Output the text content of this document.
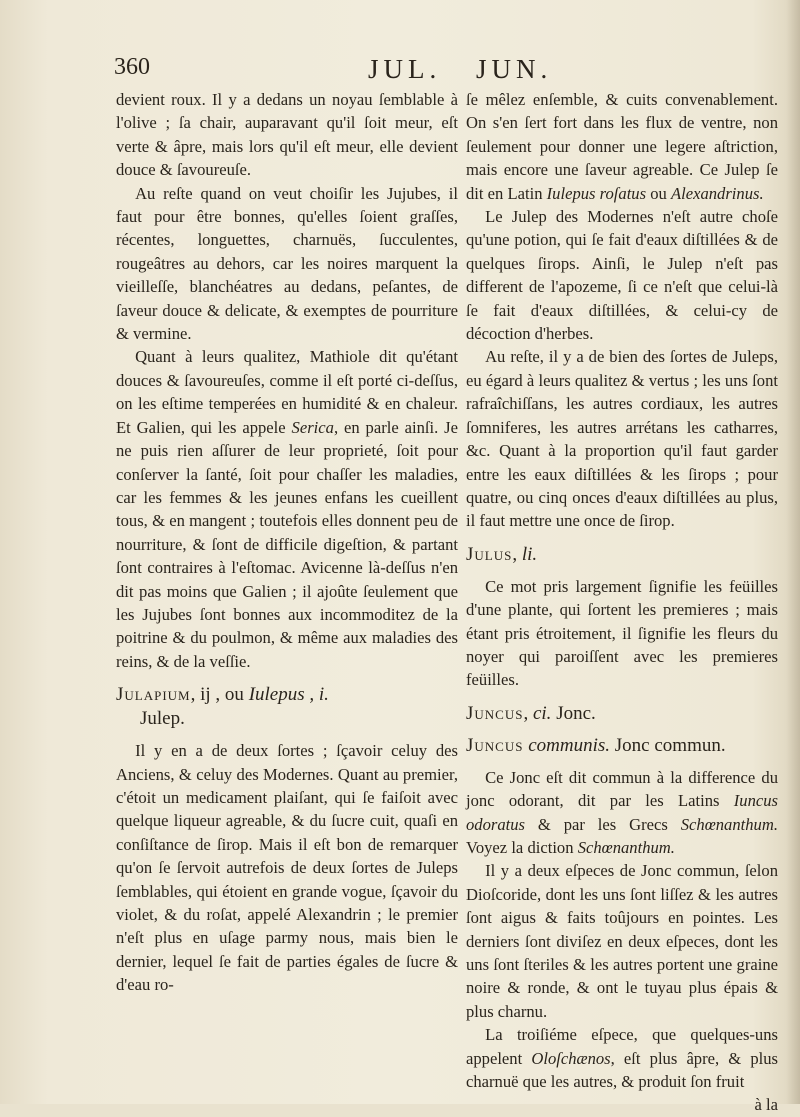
360	JUL. JUN.

devient roux. Il y a dedans un noyau ſemblable à l'olive ; ſa chair, auparavant qu'il ſoit meur, eſt verte & âpre, mais lors qu'il eſt meur, elle devient douce & ſavoureuſe.

Au reſte quand on veut choiſir les Jujubes, il faut pour être bonnes, qu'elles ſoient graſſes, récentes, longuettes, charnuës, ſucculentes, rougeâtres au dehors, car les noires marquent la vieilleſſe, blanchéatres au dedans, peſantes, de ſaveur douce & delicate, & exemptes de pourriture & vermine.

Quant à leurs qualitez, Mathiole dit qu'étant douces & ſavoureuſes, comme il eſt porté ci-deſſus, on les eſtime temperées en humidité & en chaleur. Et Galien, qui les appele Serica, en parle ainſi. Je ne puis rien aſſurer de leur proprieté, ſoit pour conſerver la ſanté, ſoit pour chaſſer les maladies, car les femmes & les jeunes enfans les cueillent tous, & en mangent ; toutefois elles donnent peu de nourriture, & ſont de difficile digeſtion, & partant ſont contraires à l'eſtomac. Avicenne là-deſſus n'en dit pas moins que Galien ; il ajoûte ſeulement que les Jujubes ſont bonnes aux incommoditez de la poitrine & du poulmon, & même aux maladies des reins, & de la veſſie.

Julapium, ij , ou Iulepus , i.
Julep.

Il y en a de deux ſortes ; ſçavoir celuy des Anciens, & celuy des Modernes. Quant au premier, c'étoit un medicament plaiſant, qui ſe faiſoit avec quelque liqueur agreable, & du ſucre cuit, quaſi en conſiſtance de ſirop. Mais il eſt bon de remarquer qu'on ſe ſervoit autrefois de deux ſortes de Juleps ſemblables, qui étoient en grande vogue, ſçavoir du violet, & du roſat, appelé Alexandrin ; le premier n'eſt plus en uſage parmy nous, mais bien le dernier, lequel ſe fait de parties égales de ſucre & d'eau ro-

ſe mêlez enſemble, & cuits convenablement. On s'en ſert fort dans les flux de ventre, non ſeulement pour donner une legere aſtriction, mais encore une ſaveur agreable. Ce Julep ſe dit en Latin Iulepus roſatus ou Alexandrinus.

Le Julep des Modernes n'eſt autre choſe qu'une potion, qui ſe fait d'eaux diſtillées & de quelques ſirops. Ainſi, le Julep n'eſt pas different de l'apozeme, ſi ce n'eſt que celui-là ſe fait d'eaux diſtillées, & celui-cy de décoction d'herbes.

Au reſte, il y a de bien des ſortes de Juleps, eu égard à leurs qualitez & vertus ; les uns ſont rafraîchiſſans, les autres cordiaux, les autres ſomniferes, les autres arrétans les catharres, &c. Quant à la proportion qu'il faut garder entre les eaux diſtillées & les ſirops ; pour quatre, ou cinq onces d'eaux diſtillées au plus, il faut mettre une once de ſirop.

Julus, li.

Ce mot pris largement ſignifie les feüilles d'une plante, qui ſortent les premieres ; mais étant pris étroitement, il ſignifie les fleurs du noyer qui paroiſſent avec les premieres feüilles.

Juncus, ci. Jonc.
Juncus communis. Jonc commun.

Ce Jonc eſt dit commun à la difference du jonc odorant, dit par les Latins Iuncus odoratus & par les Grecs Schœnanthum. Voyez la diction Schœnanthum.

Il y a deux eſpeces de Jonc commun, ſelon Dioſcoride, dont les uns ſont liſſez & les autres ſont aigus & faits toûjours en pointes. Les derniers ſont diviſez en deux eſpeces, dont les uns ſont ſteriles & les autres portent une graine noire & ronde, & ont le tuyau plus épais & plus charnu.

La troiſiéme eſpece, que quelques-uns appelent Oloſchænos, eſt plus âpre, & plus charnuë que les autres, & produit ſon fruit

à la
